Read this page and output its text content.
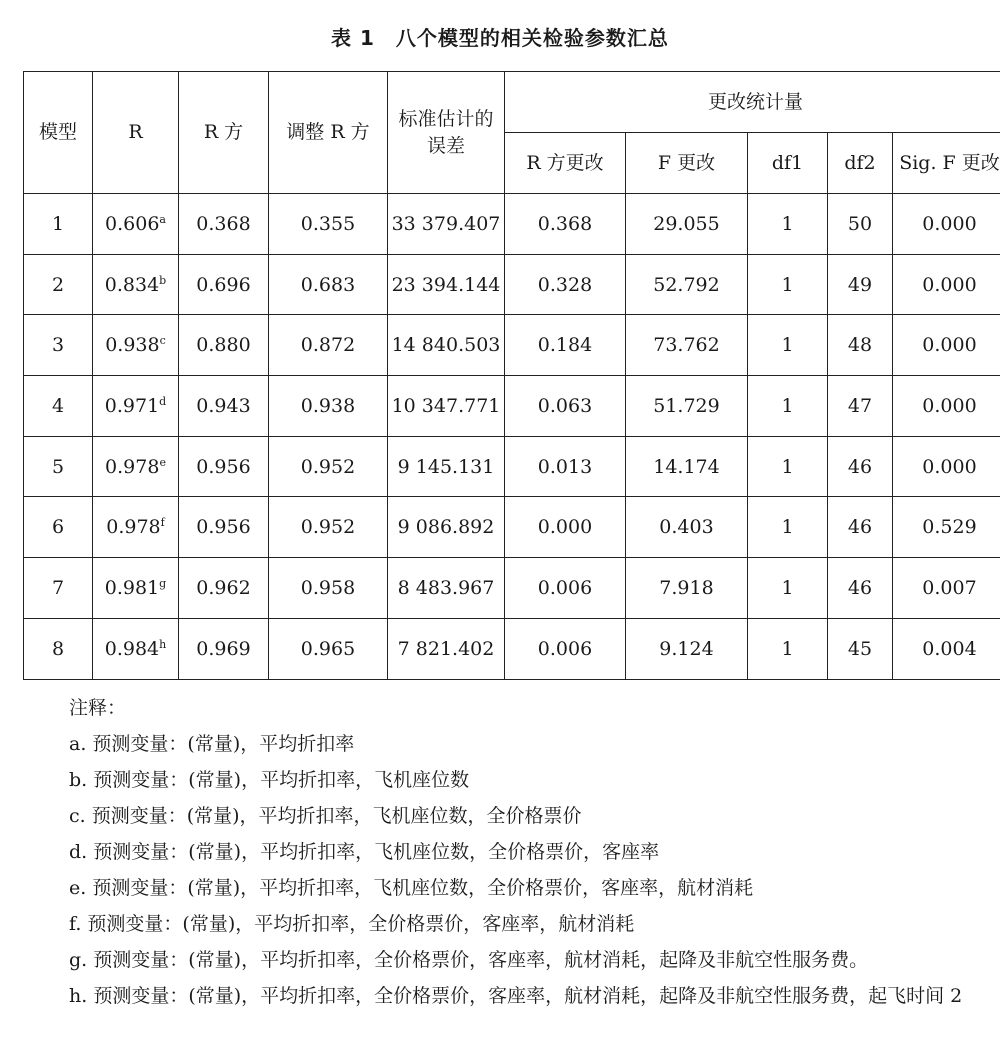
表 1　八个模型的相关检验参数汇总
模型	R	R 方	调整 R 方	标准估计的误差	更改统计量				
					R 方更改	F 更改	df1	df2	Sig. F 更改
1	0.606$^a$	0.368	0.355	33 379.407	0.368	29.055	1	50	0.000
2	0.834$^b$	0.696	0.683	23 394.144	0.328	52.792	1	49	0.000
3	0.938$^c$	0.880	0.872	14 840.503	0.184	73.762	1	48	0.000
4	0.971$^d$	0.943	0.938	10 347.771	0.063	51.729	1	47	0.000
5	0.978e	0.956	0.952	9 145.131	0.013	14.174	1	46	0.000
6	0.978$^f$	0.956	0.952	9 086.892	0.000	0.403	1	46	0.529
7	0.981$^g$	0.962	0.958	8 483.967	0.006	7.918	1	46	0.007
8	0.984$^h$	0.969	0.965	7 821.402	0.006	9.124	1	45	0.004
注释：
a. 预测变量：(常量)，平均折扣率
b. 预测变量：(常量)，平均折扣率，飞机座位数
c. 预测变量：(常量)，平均折扣率，飞机座位数，全价格票价
d. 预测变量：(常量)，平均折扣率，飞机座位数，全价格票价，客座率
e. 预测变量：(常量)，平均折扣率，飞机座位数，全价格票价，客座率，航材消耗
f. 预测变量：(常量)，平均折扣率，全价格票价，客座率，航材消耗
g. 预测变量：(常量)，平均折扣率，全价格票价，客座率，航材消耗，起降及非航空性服务费。
h. 预测变量：(常量)，平均折扣率，全价格票价，客座率，航材消耗，起降及非航空性服务费，起飞时间 2
